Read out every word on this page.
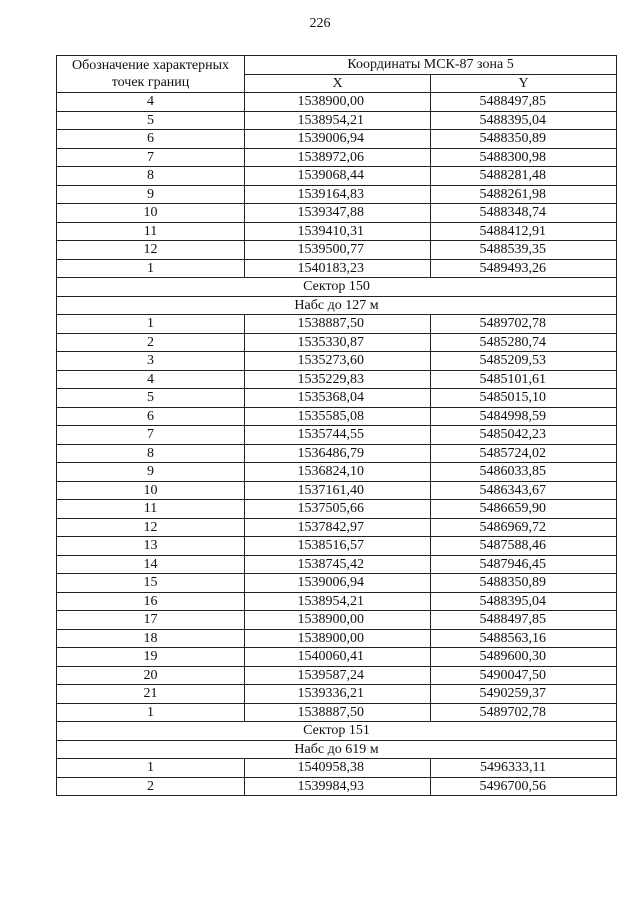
226
Обозначение характерных
точек границ	Координаты МСК-87 зона 5	
	X	Y
4	1538900,00	5488497,85
5	1538954,21	5488395,04
6	1539006,94	5488350,89
7	1538972,06	5488300,98
8	1539068,44	5488281,48
9	1539164,83	5488261,98
10	1539347,88	5488348,74
11	1539410,31	5488412,91
12	1539500,77	5488539,35
1	1540183,23	5489493,26
Сектор 150		
Набс до 127 м		
1	1538887,50	5489702,78
2	1535330,87	5485280,74
3	1535273,60	5485209,53
4	1535229,83	5485101,61
5	1535368,04	5485015,10
6	1535585,08	5484998,59
7	1535744,55	5485042,23
8	1536486,79	5485724,02
9	1536824,10	5486033,85
10	1537161,40	5486343,67
11	1537505,66	5486659,90
12	1537842,97	5486969,72
13	1538516,57	5487588,46
14	1538745,42	5487946,45
15	1539006,94	5488350,89
16	1538954,21	5488395,04
17	1538900,00	5488497,85
18	1538900,00	5488563,16
19	1540060,41	5489600,30
20	1539587,24	5490047,50
21	1539336,21	5490259,37
1	1538887,50	5489702,78
Сектор 151		
Набс до 619 м		
1	1540958,38	5496333,11
2	1539984,93	5496700,56
